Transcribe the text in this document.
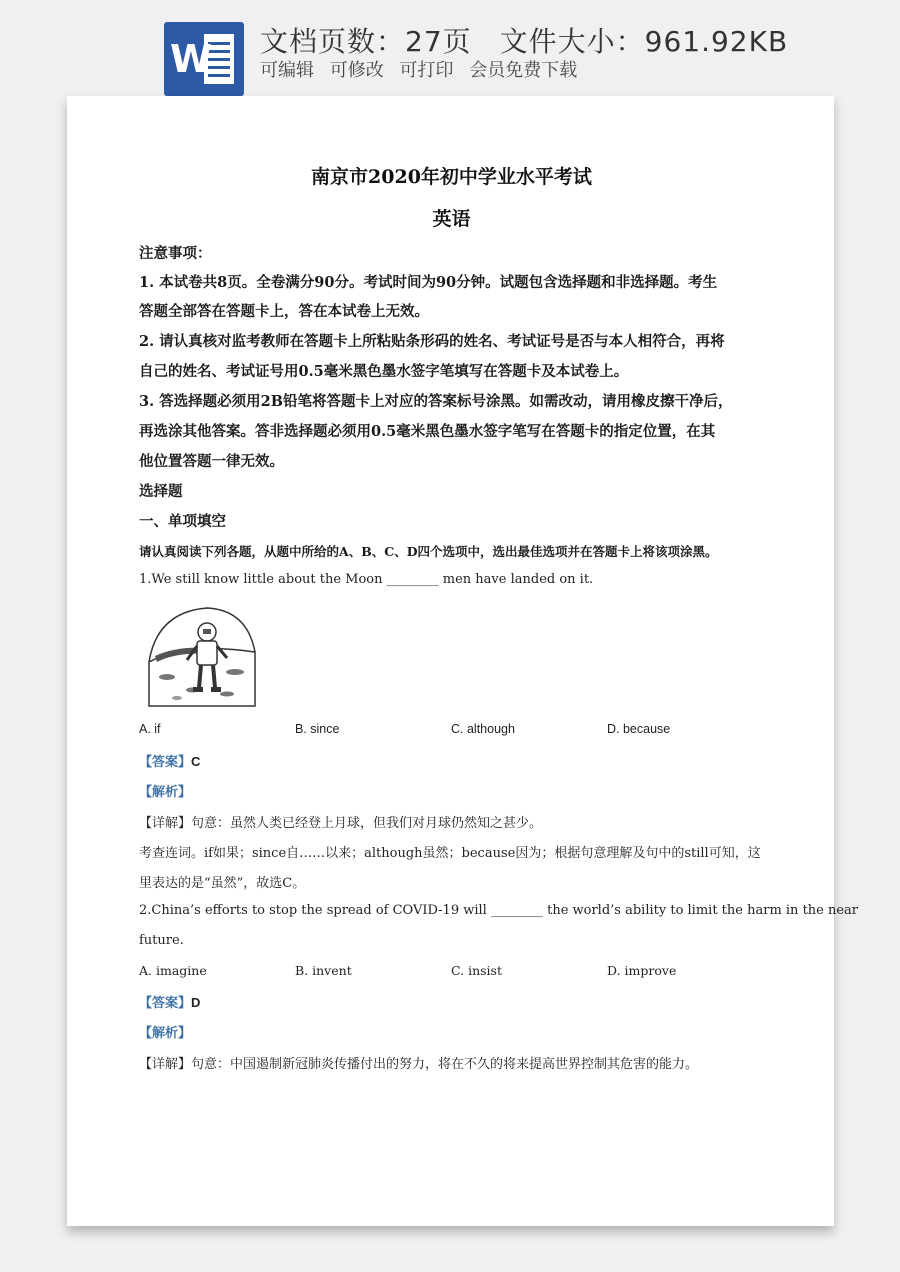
W 文档页数：27页 文件大小：961.92KB
可编辑 可修改 可打印 会员免费下载
南京市2020年初中学业水平考试
英语
注意事项：
1. 本试卷共8页。全卷满分90分。考试时间为90分钟。试题包含选择题和非选择题。考生
答题全部答在答题卡上，答在本试卷上无效。
2. 请认真核对监考教师在答题卡上所粘贴条形码的姓名、考试证号是否与本人相符合，再将
自己的姓名、考试证号用0.5毫米黑色墨水签字笔填写在答题卡及本试卷上。
3. 答选择题必须用2B铅笔将答题卡上对应的答案标号涂黑。如需改动，请用橡皮擦干净后，
再选涂其他答案。答非选择题必须用0.5毫米黑色墨水签字笔写在答题卡的指定位置，在其
他位置答题一律无效。
选择题
一、单项填空
请认真阅读下列各题，从题中所给的A、B、C、D四个选项中，选出最佳选项并在答题卡上将该项涂黑。
1.We still know little about the Moon ________ men have landed on it.
A. if	B. since	C. although	D. because
【答案】C
【解析】
【详解】句意：虽然人类已经登上月球，但我们对月球仍然知之甚少。
考查连词。if如果；since自……以来；although虽然；because因为；根据句意理解及句中的still可知，这
里表达的是“虽然”，故选C。
2.China’s efforts to stop the spread of COVID-19 will ________ the world’s ability to limit the harm in the near
future.
A. imagine	B. invent	C. insist	D. improve
【答案】D
【解析】
【详解】句意：中国遏制新冠肺炎传播付出的努力，将在不久的将来提高世界控制其危害的能力。
